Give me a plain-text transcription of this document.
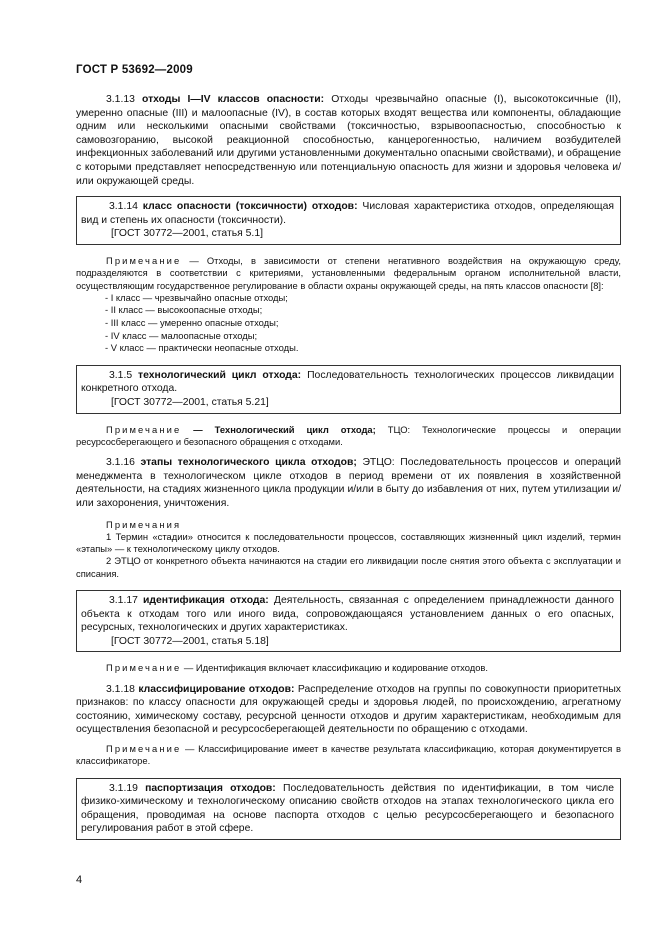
ГОСТ Р 53692—2009

3.1.13 отходы I—IV классов опасности: Отходы чрезвычайно опасные (I), высокотоксичные (II), умеренно опасные (III) и малоопасные (IV), в состав которых входят вещества или компоненты, обладающие одним или несколькими опасными свойствами (токсичностью, взрывоопасностью, способностью к самовозгоранию, высокой реакционной способностью, канцерогенностью, наличием возбудителей инфекционных заболеваний или другими установленными документально опасными свойствами), и обращение с которыми представляет непосредственную или потенциальную опасность для жизни и здоровья человека и/или окружающей среды.

3.1.14 класс опасности (токсичности) отходов: Числовая характеристика отходов, определяющая вид и степень их опасности (токсичности).

[ГОСТ 30772—2001, статья 5.1]

Примечание — Отходы, в зависимости от степени негативного воздействия на окружающую среду, подразделяются в соответствии с критериями, установленными федеральным органом исполнительной власти, осуществляющим государственное регулирование в области охраны окружающей среды, на пять классов опасности [8]:

- I класс — чрезвычайно опасные отходы;

- II класс — высокоопасные отходы;

- III класс — умеренно опасные отходы;

- IV класс — малоопасные отходы;

- V класс — практически неопасные отходы.

3.1.5 технологический цикл отхода: Последовательность технологических процессов ликвидации конкретного отхода.

[ГОСТ 30772—2001, статья 5.21]

Примечание — Технологический цикл отхода; ТЦО: Технологические процессы и операции ресурсосберегающего и безопасного обращения с отходами.

3.1.16 этапы технологического цикла отходов; ЭТЦО: Последовательность процессов и операций менеджмента в технологическом цикле отходов в период времени от их появления в хозяйственной деятельности, на стадиях жизненного цикла продукции и/или в быту до избавления от них, путем утилизации и/или захоронения, уничтожения.

Примечания

1 Термин «стадии» относится к последовательности процессов, составляющих жизненный цикл изделий, термин «этапы» — к технологическому циклу отходов.

2 ЭТЦО от конкретного объекта начинаются на стадии его ликвидации после снятия этого объекта с эксплуатации и списания.

3.1.17 идентификация отхода: Деятельность, связанная с определением принадлежности данного объекта к отходам того или иного вида, сопровождающаяся установлением данных о его опасных, ресурсных, технологических и других характеристиках.

[ГОСТ 30772—2001, статья 5.18]

Примечание — Идентификация включает классификацию и кодирование отходов.

3.1.18 классифицирование отходов: Распределение отходов на группы по совокупности приоритетных признаков: по классу опасности для окружающей среды и здоровья людей, по происхождению, агрегатному состоянию, химическому составу, ресурсной ценности отходов и другим характеристикам, необходимым для осуществления безопасной и ресурсосберегающей деятельности по обращению с отходами.

Примечание — Классифицирование имеет в качестве результата классификацию, которая документируется в классификаторе.

3.1.19 паспортизация отходов: Последовательность действия по идентификации, в том числе физико-химическому и технологическому описанию свойств отходов на этапах технологического цикла его обращения, проводимая на основе паспорта отходов с целью ресурсосберегающего и безопасного регулирования работ в этой сфере.

4
